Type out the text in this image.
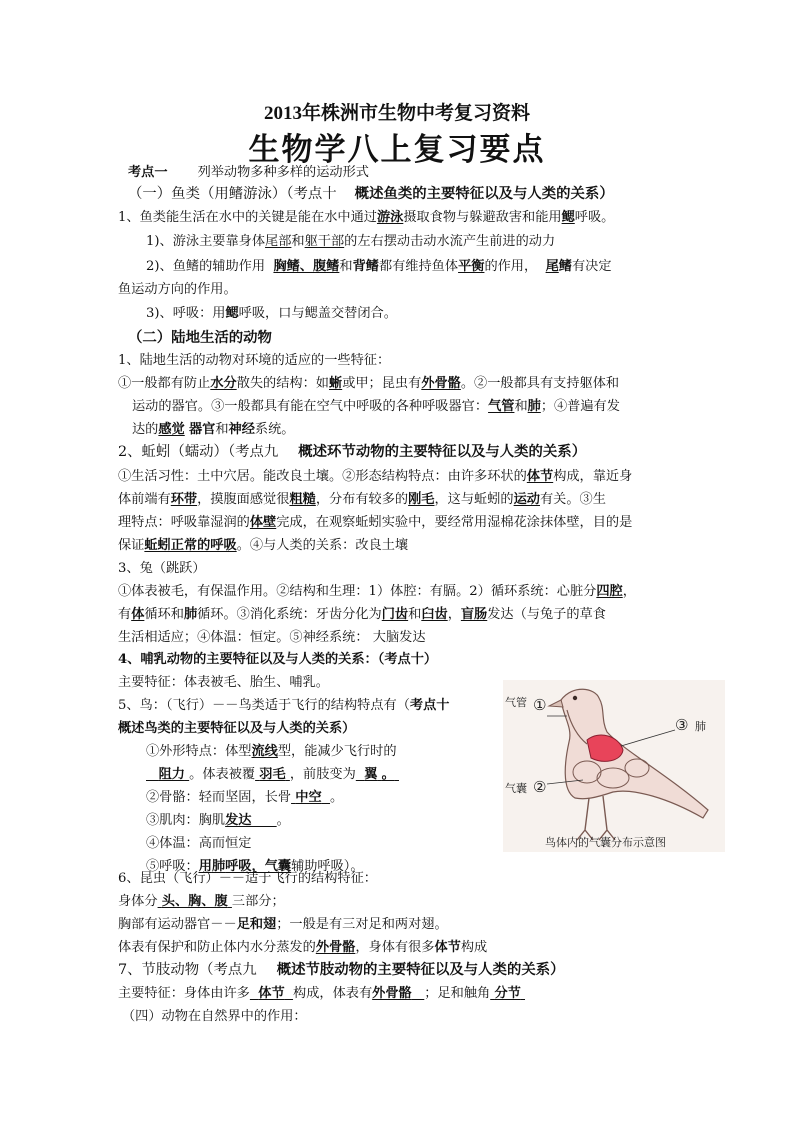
2013年株洲市生物中考复习资料
生物学八上复习要点
考点一 列举动物多种多样的运动形式
（一）鱼类（用鳍游泳）（考点十 概述鱼类的主要特征以及与人类的关系）
1、鱼类能生活在水中的关键是能在水中通过游泳摄取食物与躲避敌害和能用鳃呼吸。
1)、游泳主要靠身体尾部和躯干部的左右摆动击动水流产生前进的动力
2)、鱼鳍的辅助作用 胸鳍、腹鳍和背鳍都有维持鱼体平衡的作用， 尾鳍有决定
鱼运动方向的作用。
3)、呼吸：用鳃呼吸，口与鳃盖交替闭合。
（二）陆地生活的动物
1、陆地生活的动物对环境的适应的一些特征：
①一般都有防止水分散失的结构：如蜥或甲；昆虫有外骨骼。②一般都具有支持躯体和
运动的器官。③一般都具有能在空气中呼吸的各种呼吸器官：气管和肺；④普遍有发
达的感觉 器官和神经系统。
2、蚯蚓（蠕动）（考点九 概述环节动物的主要特征以及与人类的关系）
①生活习性：土中穴居。能改良土壤。②形态结构特点：由许多环状的体节构成，靠近身
体前端有环带，摸腹面感觉很粗糙，分布有较多的刚毛，这与蚯蚓的运动有关。③生
理特点：呼吸靠湿润的体壁完成，在观察蚯蚓实验中，要经常用湿棉花涂抹体壁，目的是
保证蚯蚓正常的呼吸。④与人类的关系：改良土壤
3、兔（跳跃）
①体表被毛，有保温作用。②结构和生理：1）体腔：有膈。2）循环系统：心脏分四腔，
有体循环和肺循环。③消化系统：牙齿分化为门齿和臼齿，盲肠发达（与兔子的草食
生活相适应；④体温：恒定。⑤神经系统： 大脑发达
4、哺乳动物的主要特征以及与人类的关系：（考点十）
主要特征：体表被毛、胎生、哺乳。
5、鸟：（飞行）－－鸟类适于飞行的结构特点有（考点十
概述鸟类的主要特征以及与人类的关系）
①外形特点：体型流线型，能减少飞行时的
阻力 。体表被覆 羽毛 ，前肢变为 翼 。
②骨骼：轻而坚固，长骨 中空 。
③肌肉：胸肌发达 。
④体温：高而恒定
⑤呼吸：用肺呼吸，气囊辅助呼吸）。
气管 ①
③ 肺
气囊 ②
鸟体内的气囊分布示意图
6、昆虫（飞行）－－适于飞行的结构特征：
身体分 头、胸、腹 三部分；
胸部有运动器官－－足和翅；一般是有三对足和两对翅。
体表有保护和防止体内水分蒸发的外骨骼，身体有很多体节构成
7、节肢动物（考点九 概述节肢动物的主要特征以及与人类的关系）
主要特征：身体由许多 体节 构成，体表有外骨骼 ；足和触角 分节
（四）动物在自然界中的作用：
